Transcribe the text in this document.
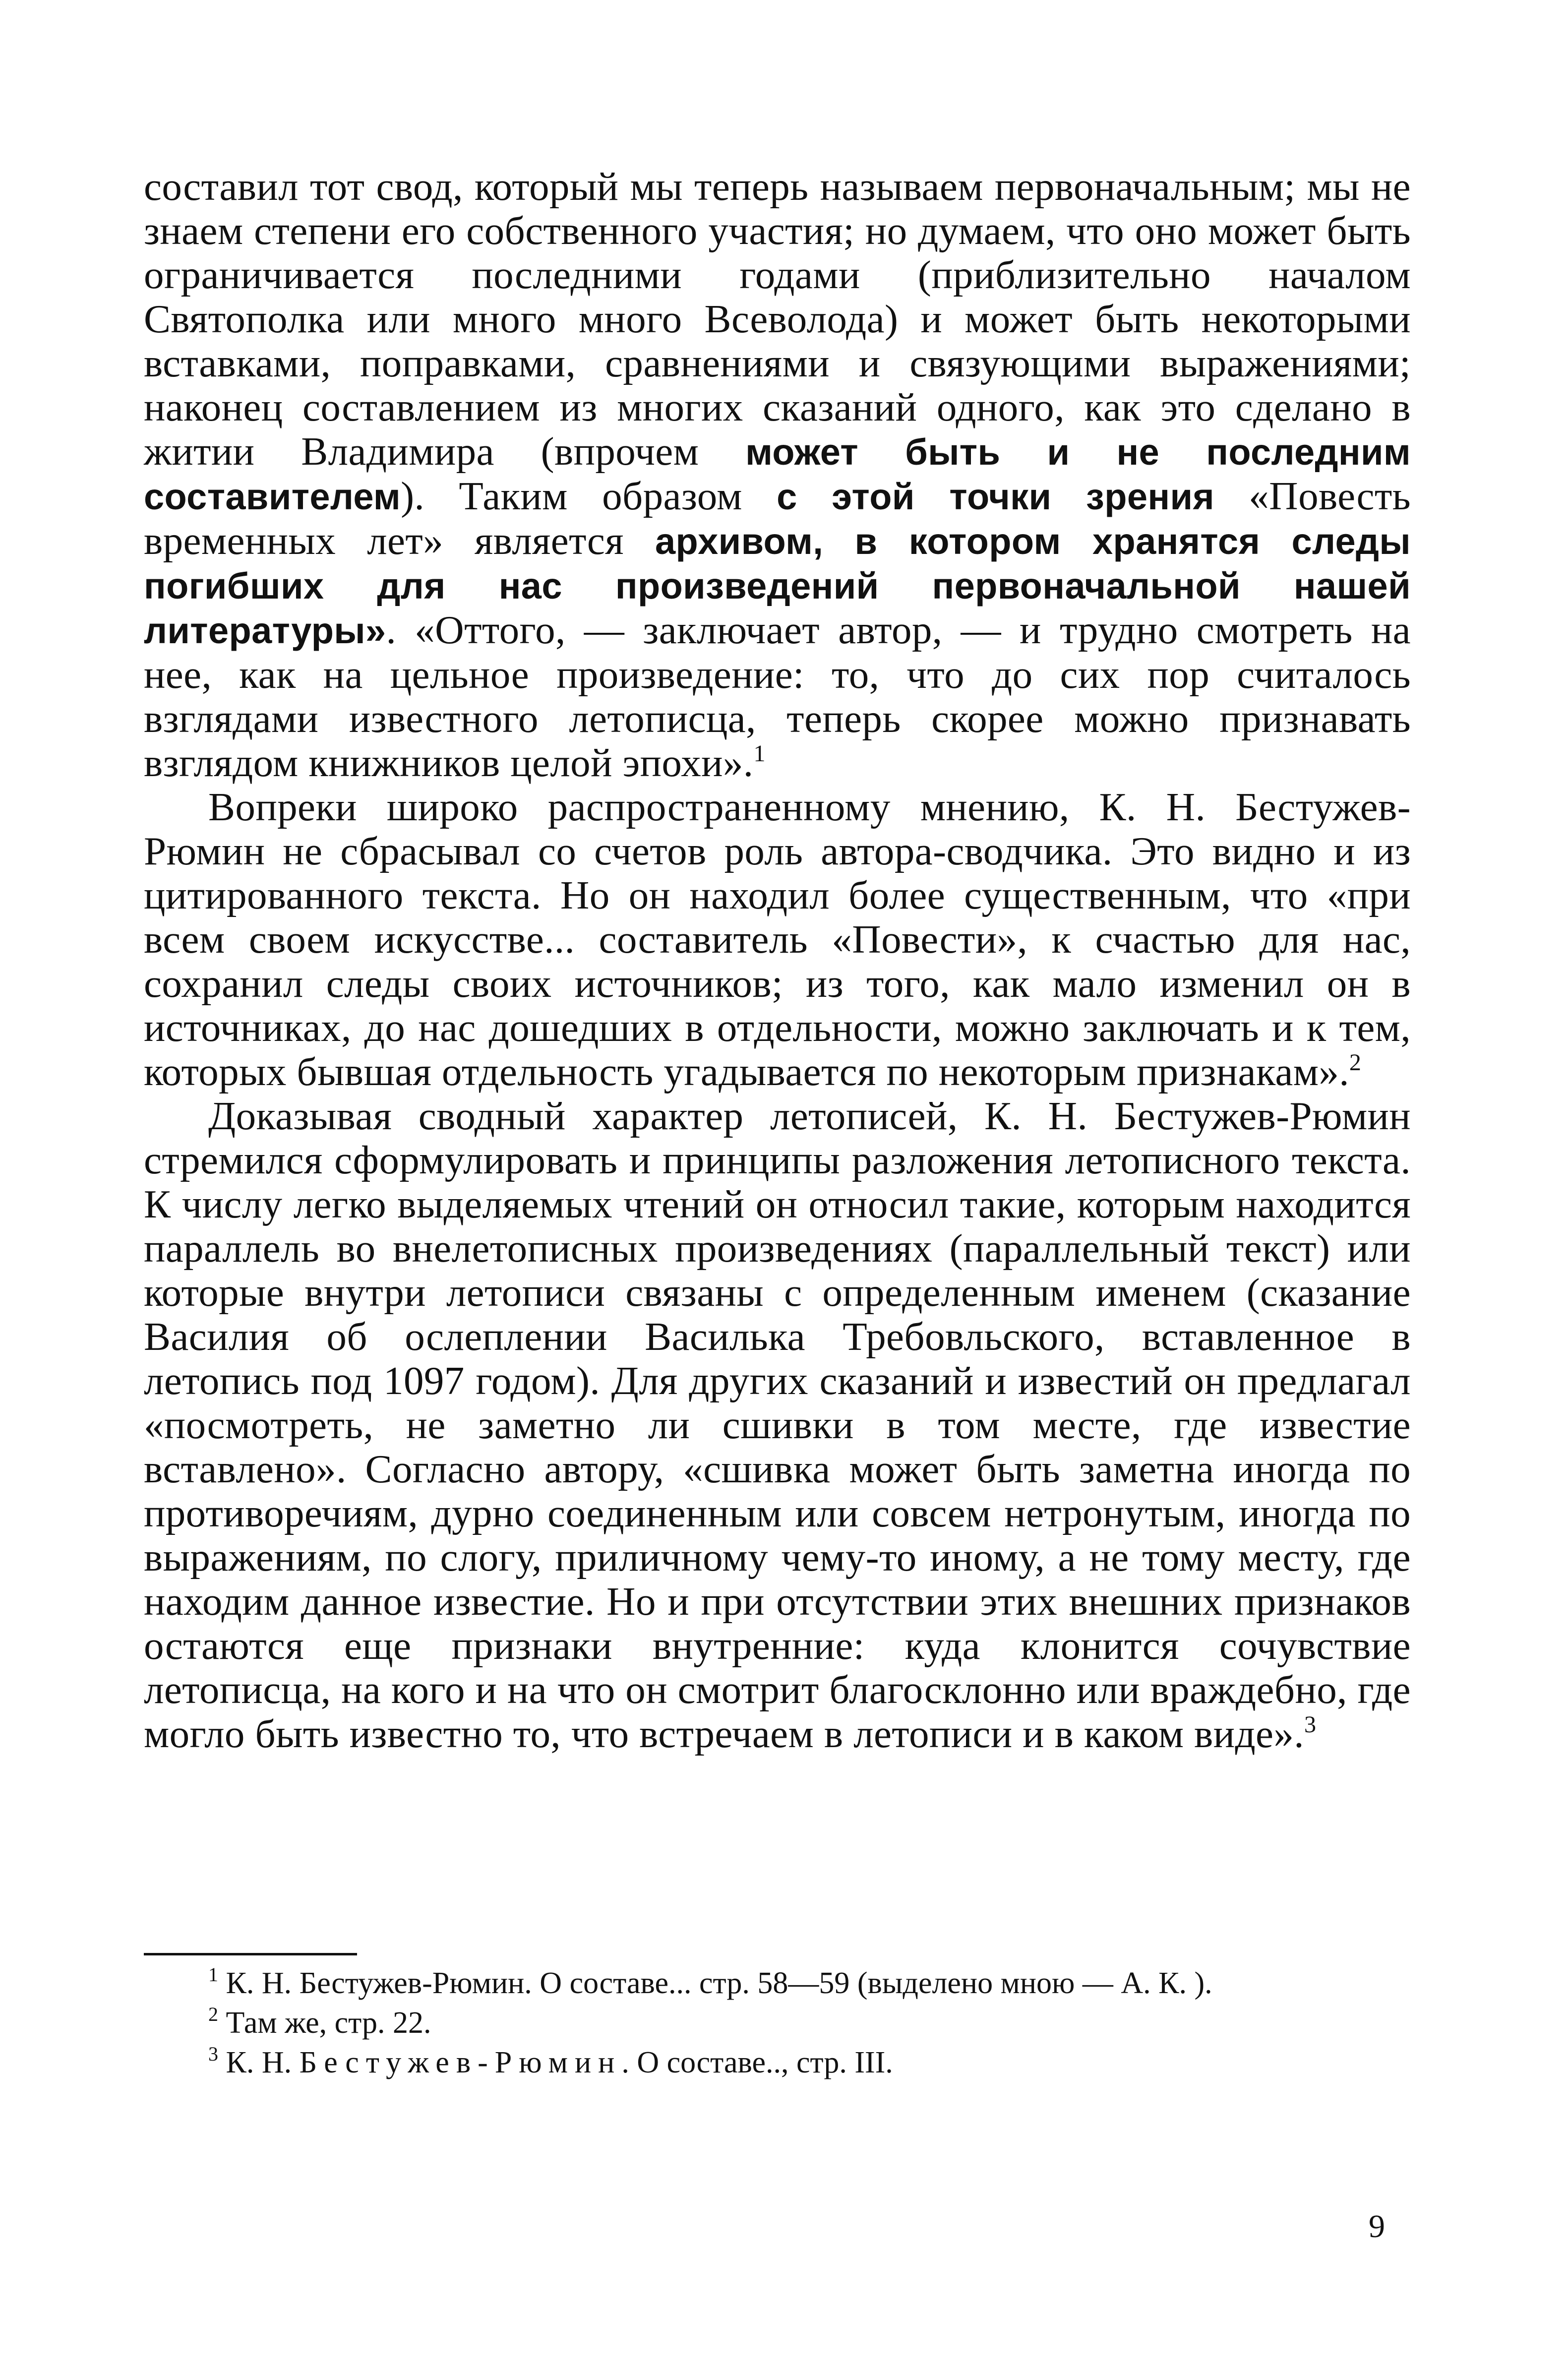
составил тот свод, который мы теперь называем первоначальным; мы не знаем степени его собственного участия; но думаем, что оно может быть ограничивается последними годами (приблизительно началом Святополка или много много Всеволода) и может быть некоторыми вставками, поправками, сравнениями и связующими выражениями; наконец составлением из многих сказаний одного, как это сделано в житии Владимира (впрочем может быть и не последним составителем). Таким образом с этой точки зрения «Повесть временных лет» является архивом, в котором хранятся следы погибших для нас произведений первоначальной нашей литературы». «Оттого, — заключает автор, — и трудно смотреть на нее, как на цельное произведение: то, что до сих пор считалось взглядами известного летописца, теперь скорее можно признавать взглядом книжников целой эпохи».$^1$

Вопреки широко распространенному мнению, К. Н. Бестужев-Рюмин не сбрасывал со счетов роль автора-сводчика. Это видно и из цитированного текста. Но он находил более существенным, что «при всем своем искусстве... составитель «Повести», к счастью для нас, сохранил следы своих источников; из того, как мало изменил он в источниках, до нас дошедших в отдельности, можно заключать и к тем, которых бывшая отдельность угадывается по некоторым признакам».$^2$

Доказывая сводный характер летописей, К. Н. Бестужев-Рюмин стремился сформулировать и принципы разложения летописного текста. К числу легко выделяемых чтений он относил такие, которым находится параллель во внелетописных произведениях (параллельный текст) или которые внутри летописи связаны с определенным именем (сказание Василия об ослеплении Василька Требовльского, вставленное в летопись под 1097 годом). Для других сказаний и известий он предлагал «посмотреть, не заметно ли сшивки в том месте, где известие вставлено». Согласно автору, «сшивка может быть заметна иногда по противоречиям, дурно соединенным или совсем нетронутым, иногда по выражениям, по слогу, приличному чему-то иному, а не тому месту, где находим данное известие. Но и при отсутствии этих внешних признаков остаются еще признаки внутренние: куда клонится сочувствие летописца, на кого и на что он смотрит благосклонно или враждебно, где могло быть известно то, что встречаем в летописи и в каком виде».$^3$

$^1$ К. Н. Бестужев-Рюмин. О составе... стр. 58—59 (выделено мною — А. К. ).

$^2$ Там же, стр. 22.

$^3$ К. Н. Бестужев-Рюмин. О составе.., стр. III.

9
